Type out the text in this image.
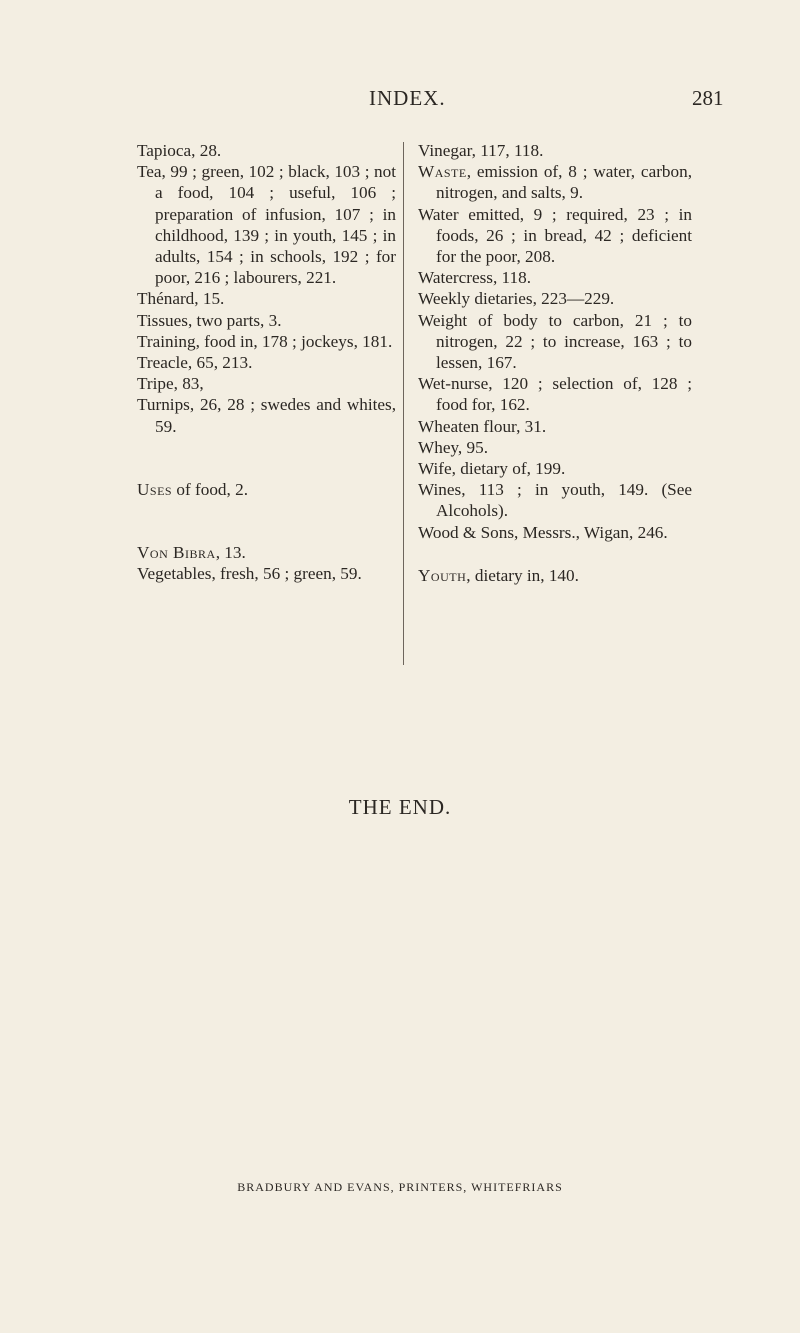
INDEX.	281
Tapioca, 28.
Tea, 99 ; green, 102 ; black, 103 ; not a food, 104 ; useful, 106 ; preparation of infusion, 107 ; in childhood, 139 ; in youth, 145 ; in adults, 154 ; in schools, 192 ; for poor, 216 ; labourers, 221.
Thénard, 15.
Tissues, two parts, 3.
Training, food in, 178 ; jockeys, 181.
Treacle, 65, 213.
Tripe, 83,
Turnips, 26, 28 ; swedes and whites, 59.
Uses of food, 2.
Von Bibra, 13.
Vegetables, fresh, 56 ; green, 59.
Vinegar, 117, 118.
Waste, emission of, 8 ; water, carbon, nitrogen, and salts, 9.
Water emitted, 9 ; required, 23 ; in foods, 26 ; in bread, 42 ; deficient for the poor, 208.
Watercress, 118.
Weekly dietaries, 223—229.
Weight of body to carbon, 21 ; to nitrogen, 22 ; to increase, 163 ; to lessen, 167.
Wet-nurse, 120 ; selection of, 128 ; food for, 162.
Wheaten flour, 31.
Whey, 95.
Wife, dietary of, 199.
Wines, 113 ; in youth, 149. (See Alcohols).
Wood & Sons, Messrs., Wigan, 246.
Youth, dietary in, 140.
THE END.
BRADBURY AND EVANS, PRINTERS, WHITEFRIARS
